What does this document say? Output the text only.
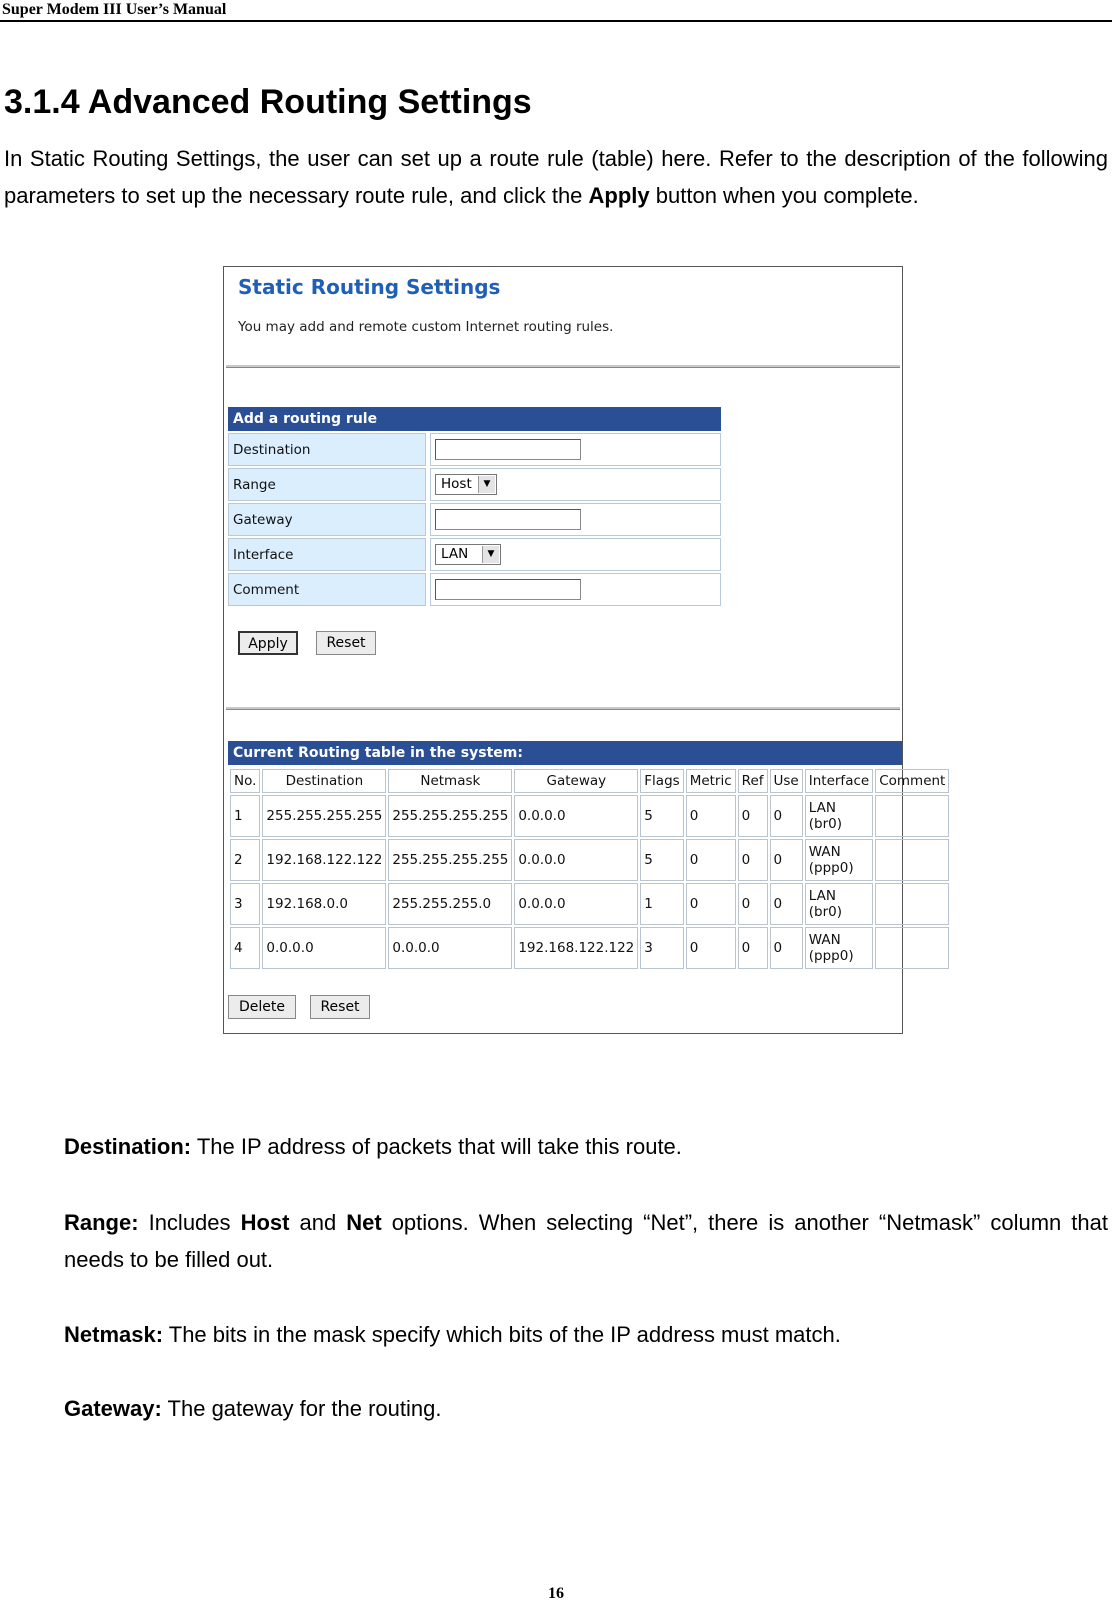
Super Modem III User’s Manual
3.1.4 Advanced Routing Settings
In Static Routing Settings, the user can set up a route rule (table) here. Refer to the description of the following parameters to set up the necessary route rule, and click the Apply button when you complete.
Static Routing Settings
You may add and remote custom Internet routing rules.
Add a routing rule
Destination
Range	Host	▼
Gateway
Interface	LAN	▼
Comment
Apply	Reset
Current Routing table in the system:
No.	Destination	Netmask	Gateway	Flags	Metric	Ref	Use	Interface	Comment
1	255.255.255.255	255.255.255.255	0.0.0.0	5	0	0	0	LAN
(br0)	
2	192.168.122.122	255.255.255.255	0.0.0.0	5	0	0	0	WAN
(ppp0)	
3	192.168.0.0	255.255.255.0	0.0.0.0	1	0	0	0	LAN
(br0)	
4	0.0.0.0	0.0.0.0	192.168.122.122	3	0	0	0	WAN
(ppp0)	
Delete	Reset
Destination: The IP address of packets that will take this route.
Range: Includes Host and Net options. When selecting “Net”, there is another “Netmask” column that needs to be filled out.
Netmask: The bits in the mask specify which bits of the IP address must match.
Gateway: The gateway for the routing.
16
